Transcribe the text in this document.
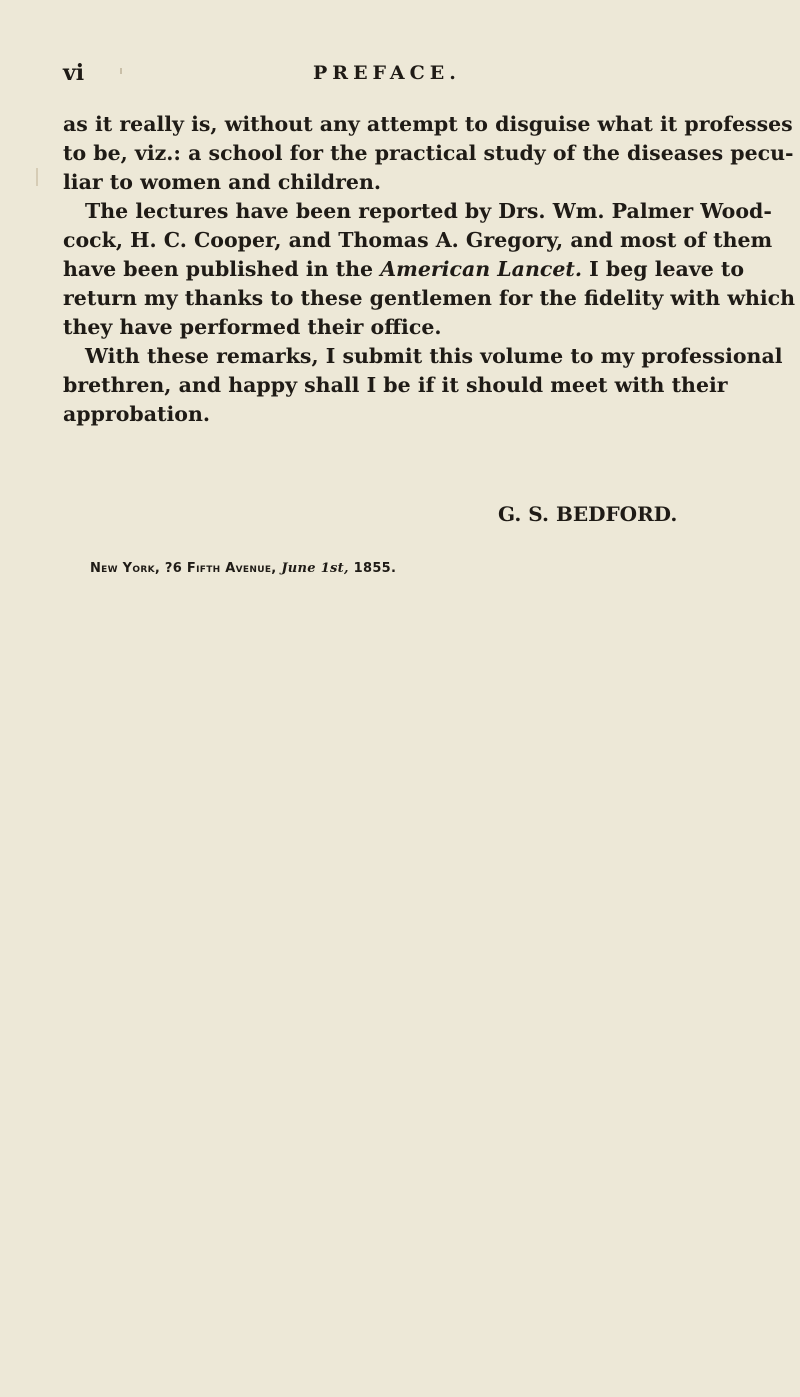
vi	PREFACE.
as it really is, without any attempt to disguise what it professes
to be, viz.: a school for the practical study of the diseases pecu-
liar to women and children.
The lectures have been reported by Drs. Wm. Palmer Wood-
cock, H. C. Cooper, and Thomas A. Gregory, and most of them
have been published in the American Lancet. I beg leave to
return my thanks to these gentlemen for the fidelity with which
they have performed their office.
With these remarks, I submit this volume to my professional
brethren, and happy shall I be if it should meet with their
approbation.
G. S. BEDFORD.
New York, ?6 Fifth Avenue, June 1st, 1855.
